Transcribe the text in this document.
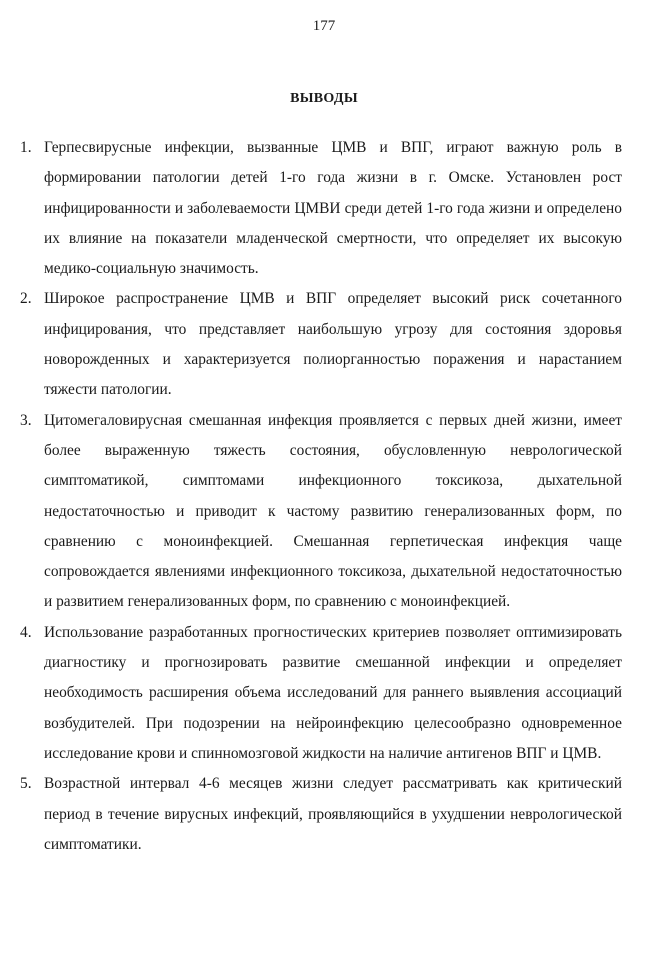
177
ВЫВОДЫ
1. Герпесвирусные инфекции, вызванные ЦМВ и ВПГ, играют важную роль в формировании патологии детей 1-го года жизни в г. Омске. Установлен рост инфицированности и заболеваемости ЦМВИ среди детей 1-го года жизни и определено их влияние на показатели младенческой смертности, что определяет их высокую медико-социальную значимость.
2. Широкое распространение ЦМВ и ВПГ определяет высокий риск сочетанного инфицирования, что представляет наибольшую угрозу для состояния здоровья новорожденных и характеризуется полиорганностью поражения и нарастанием тяжести патологии.
3. Цитомегаловирусная смешанная инфекция проявляется с первых дней жизни, имеет более выраженную тяжесть состояния, обусловленную неврологической симптоматикой, симптомами инфекционного токсикоза, дыхательной недостаточностью и приводит к частому развитию генерализованных форм, по сравнению с моноинфекцией. Смешанная герпетическая инфекция чаще сопровождается явлениями инфекционного токсикоза, дыхательной недостаточностью и развитием генерализованных форм, по сравнению с моноинфекцией.
4. Использование разработанных прогностических критериев позволяет оптимизировать диагностику и прогнозировать развитие смешанной инфекции и определяет необходимость расширения объема исследований для раннего выявления ассоциаций возбудителей. При подозрении на нейроинфекцию целесообразно одновременное исследование крови и спинномозговой жидкости на наличие антигенов ВПГ и ЦМВ.
5. Возрастной интервал 4-6 месяцев жизни следует рассматривать как критический период в течение вирусных инфекций, проявляющийся в ухудшении неврологической симптоматики.
